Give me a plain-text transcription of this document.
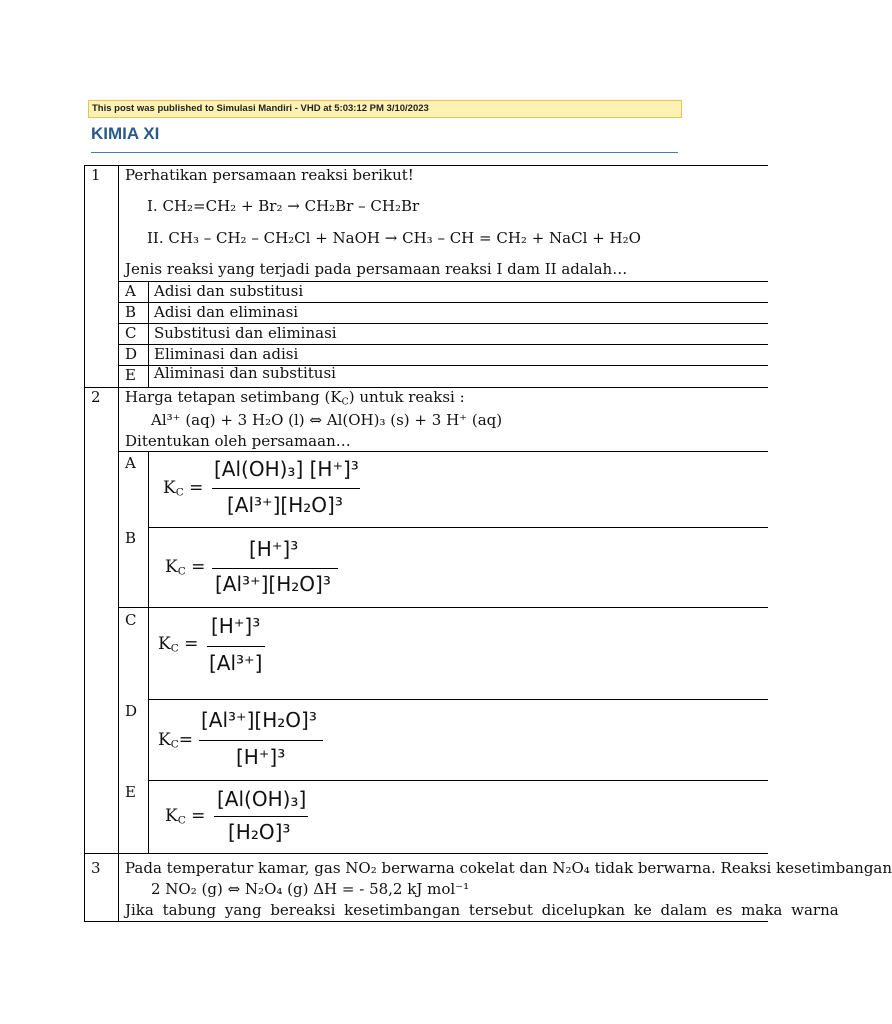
This post was published to Simulasi Mandiri - VHD at 5:03:12 PM 3/10/2023
KIMIA XI
1 Perhatikan persamaan reaksi berikut!
I. CH₂=CH₂ + Br₂ → CH₂Br – CH₂Br
II. CH₃ – CH₂ – CH₂Cl + NaOH → CH₃ – CH = CH₂ + NaCl + H₂O
Jenis reaksi yang terjadi pada persamaan reaksi I dam II adalah…
A Adisi dan substitusi
B Adisi dan eliminasi
C Substitusi dan eliminasi
D Eliminasi dan adisi
E Aliminasi dan substitusi
2 Harga tetapan setimbang $(K_C)$ untuk reaksi :
Al³⁺ (aq) + 3 H₂O (l) ⇔ Al(OH)₃ (s) + 3 H⁺ (aq)
Ditentukan oleh persamaan…
A
$K_C$ =
[Al(OH)₃] [H⁺]³
[Al³⁺][H₂O]³
B
$K_C$ =
[H⁺]³
[Al³⁺][H₂O]³
C
$K_C$ =
[H⁺]³
[Al³⁺]
D
$K_C=$
[Al³⁺][H₂O]³
[H⁺]³
E
$K_C$ =
[Al(OH)₃]
[H₂O]³
3 Pada temperatur kamar, gas NO₂ berwarna cokelat dan N₂O₄ tidak berwarna. Reaksi kesetimbangan
2 NO₂ (g) ⇔ N₂O₄ (g) ΔH = - 58,2 kJ mol⁻¹
Jika tabung yang bereaksi kesetimbangan tersebut dicelupkan ke dalam es maka warna
